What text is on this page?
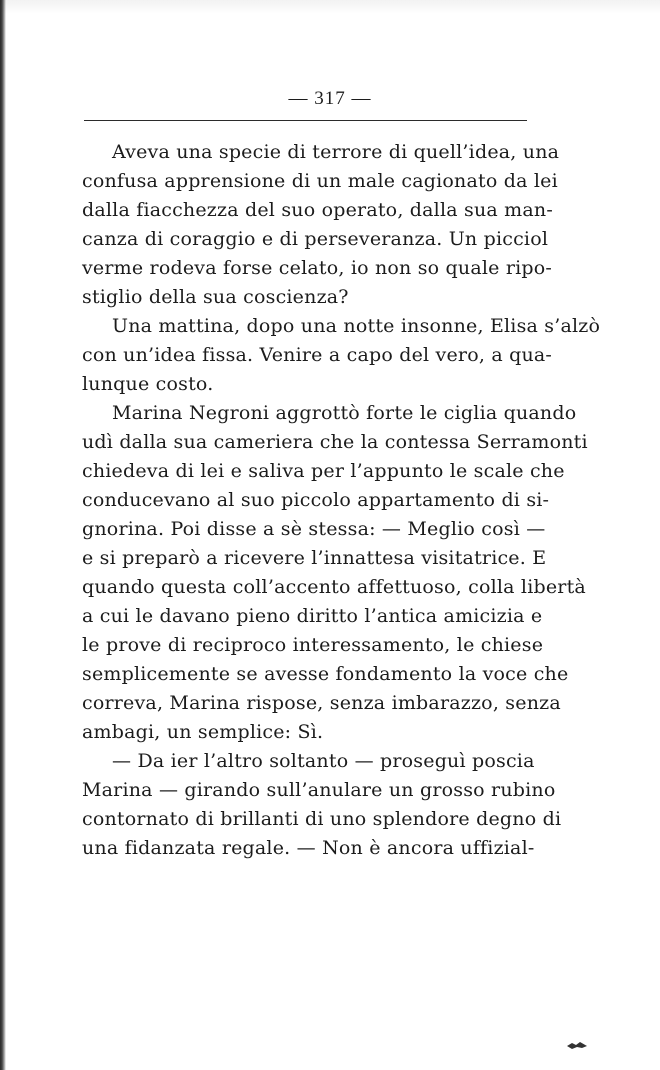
— 317 —
Aveva una specie di terrore di quell’idea, una
confusa apprensione di un male cagionato da lei
dalla fiacchezza del suo operato, dalla sua man-
canza di coraggio e di perseveranza. Un picciol
verme rodeva forse celato, io non so quale ripo-
stiglio della sua coscienza?
Una mattina, dopo una notte insonne, Elisa s’alzò
con un’idea fissa. Venire a capo del vero, a qua-
lunque costo.
Marina Negroni aggrottò forte le ciglia quando
udì dalla sua cameriera che la contessa Serramonti
chiedeva di lei e saliva per l’appunto le scale che
conducevano al suo piccolo appartamento di si-
gnorina. Poi disse a sè stessa: — Meglio così —
e si preparò a ricevere l’innattesa visitatrice. E
quando questa coll’accento affettuoso, colla libertà
a cui le davano pieno diritto l’antica amicizia e
le prove di reciproco interessamento, le chiese
semplicemente se avesse fondamento la voce che
correva, Marina rispose, senza imbarazzo, senza
ambagi, un semplice: Sì.
— Da ier l’altro soltanto — proseguì poscia
Marina — girando sull’anulare un grosso rubino
contornato di brillanti di uno splendore degno di
una fidanzata regale. — Non è ancora uffizial-
